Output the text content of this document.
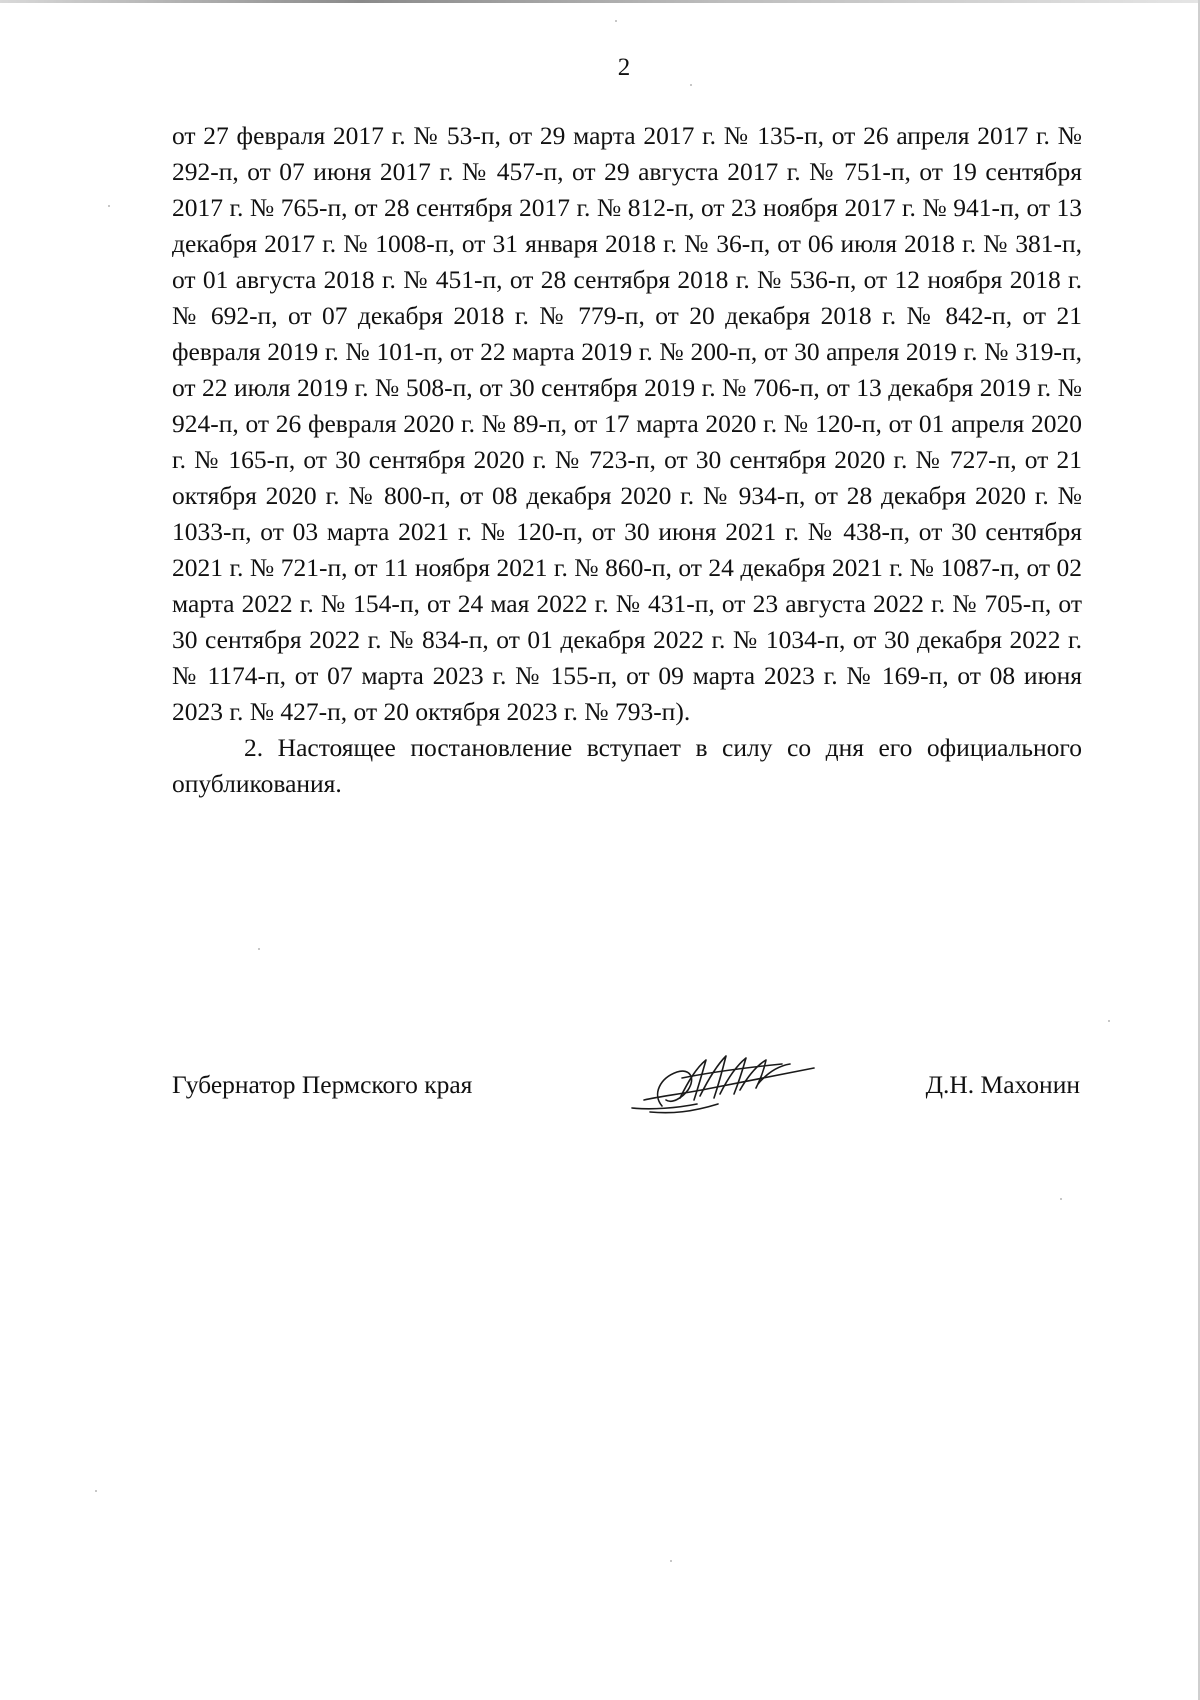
2

от 27 февраля 2017 г. № 53-п, от 29 марта 2017 г. № 135-п, от 26 апреля 2017 г. № 292-п, от 07 июня 2017 г. № 457-п, от 29 августа 2017 г. № 751-п, от 19 сентября 2017 г. № 765-п, от 28 сентября 2017 г. № 812-п, от 23 ноября 2017 г. № 941-п, от 13 декабря 2017 г. № 1008-п, от 31 января 2018 г. № 36-п, от 06 июля 2018 г. № 381-п, от 01 августа 2018 г. № 451-п, от 28 сентября 2018 г. № 536-п, от 12 ноября 2018 г. № 692-п, от 07 декабря 2018 г. № 779-п, от 20 декабря 2018 г. № 842-п, от 21 февраля 2019 г. № 101-п, от 22 марта 2019 г. № 200-п, от 30 апреля 2019 г. № 319-п, от 22 июля 2019 г. № 508-п, от 30 сентября 2019 г. № 706-п, от 13 декабря 2019 г. № 924-п, от 26 февраля 2020 г. № 89-п, от 17 марта 2020 г. № 120-п, от 01 апреля 2020 г. № 165-п, от 30 сентября 2020 г. № 723-п, от 30 сентября 2020 г. № 727-п, от 21 октября 2020 г. № 800-п, от 08 декабря 2020 г. № 934-п, от 28 декабря 2020 г. № 1033-п, от 03 марта 2021 г. № 120-п, от 30 июня 2021 г. № 438-п, от 30 сентября 2021 г. № 721-п, от 11 ноября 2021 г. № 860-п, от 24 декабря 2021 г. № 1087-п, от 02 марта 2022 г. № 154-п, от 24 мая 2022 г. № 431-п, от 23 августа 2022 г. № 705-п, от 30 сентября 2022 г. № 834-п, от 01 декабря 2022 г. № 1034-п, от 30 декабря 2022 г. № 1174-п, от 07 марта 2023 г. № 155-п, от 09 марта 2023 г. № 169-п, от 08 июня 2023 г. № 427-п, от 20 октября 2023 г. № 793-п).

2. Настоящее постановление вступает в силу со дня его официального опубликования.

Губернатор Пермского края	Д.Н. Махонин
